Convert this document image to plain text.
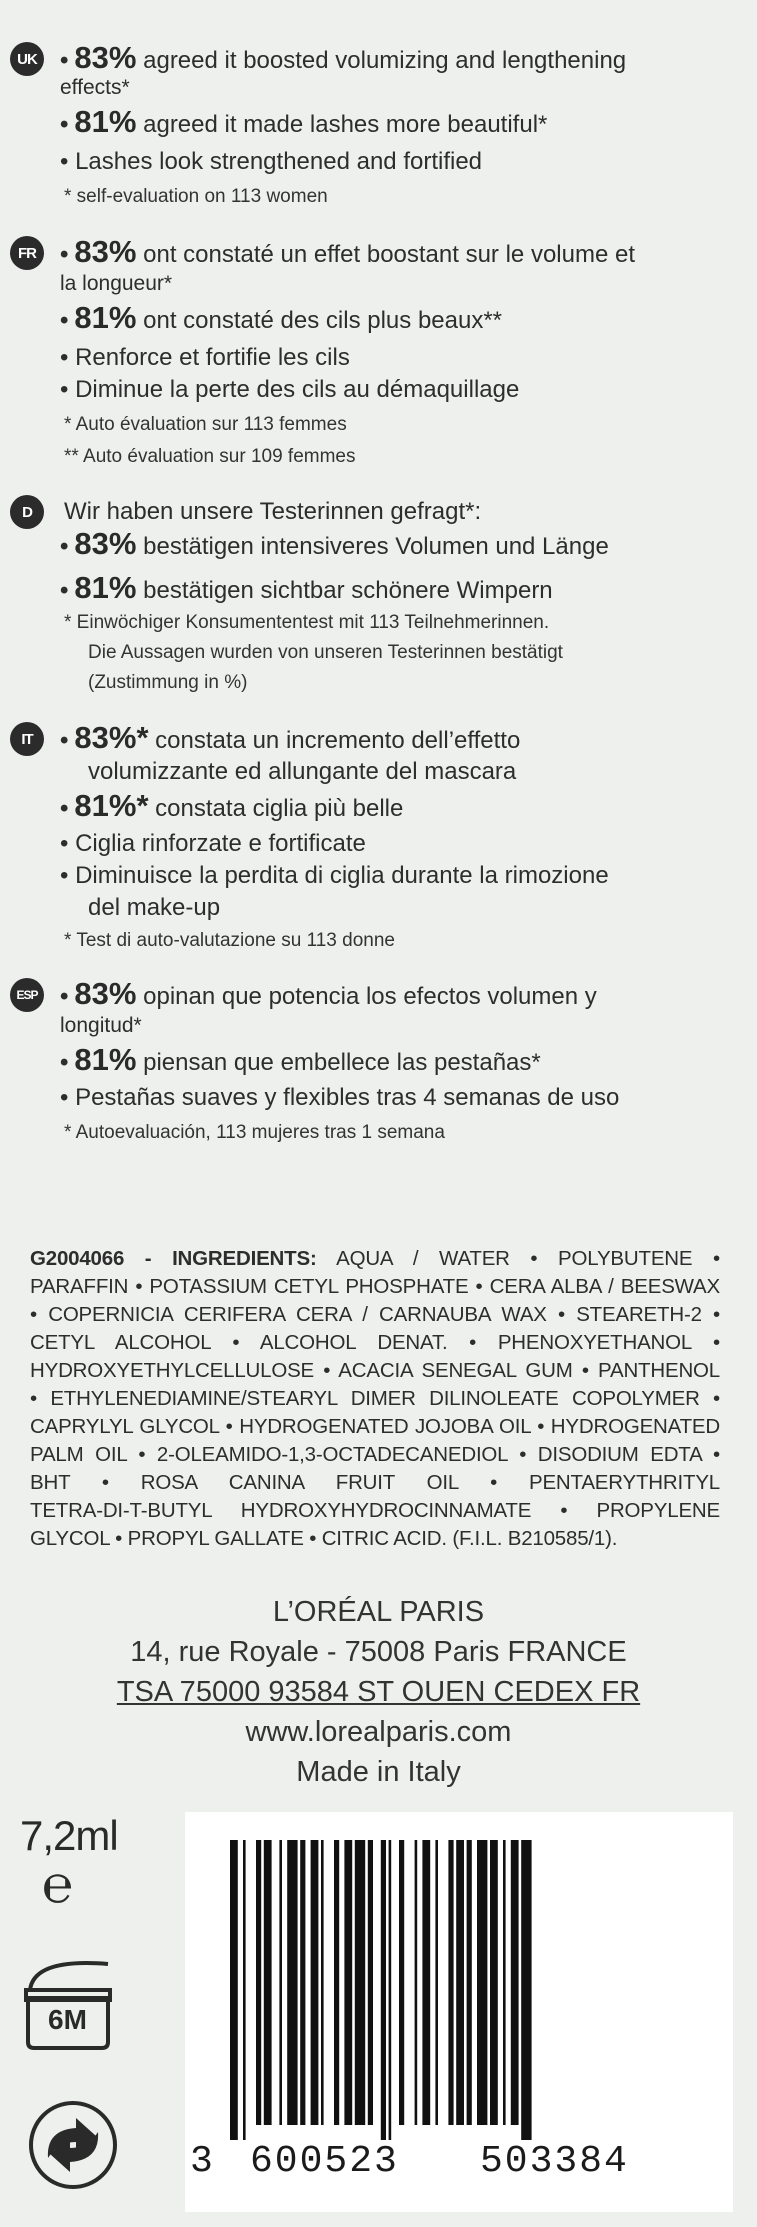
UK • 83% agreed it boosted volumizing and lengthening
effects*
• 81% agreed it made lashes more beautiful*
• Lashes look strengthened and fortified
* self-evaluation on 113 women
FR	• 83% ont constaté un effet boostant sur le volume et
la longueur*
• 81% ont constaté des cils plus beaux**
• Renforce et fortifie les cils
• Diminue la perte des cils au démaquillage
* Auto évaluation sur 113 femmes
** Auto évaluation sur 109 femmes
D	Wir haben unsere Testerinnen gefragt*:
• 83% bestätigen intensiveres Volumen und Länge
• 81% bestätigen sichtbar schönere Wimpern
* Einwöchiger Konsumententest mit 113 Teilnehmerinnen.
Die Aussagen wurden von unseren Testerinnen bestätigt
(Zustimmung in %)
IT	• 83%* constata un incremento dell’effetto
volumizzante ed allungante del mascara
• 81%* constata ciglia più belle
• Ciglia rinforzate e fortificate
• Diminuisce la perdita di ciglia durante la rimozione
del make-up
* Test di auto-valutazione su 113 donne
ESP • 83% opinan que potencia los efectos volumen y
longitud*
• 81% piensan que embellece las pestañas*
• Pestañas suaves y flexibles tras 4 semanas de uso
* Autoevaluación, 113 mujeres tras 1 semana
G2004066 - INGREDIENTS: AQUA / WATER • POLYBUTENE •
PARAFFIN • POTASSIUM CETYL PHOSPHATE • CERA ALBA / BEESWAX
• COPERNICIA CERIFERA CERA / CARNAUBA WAX • STEARETH-2 •
CETYL ALCOHOL • ALCOHOL DENAT. • PHENOXYETHANOL •
HYDROXYETHYLCELLULOSE • ACACIA SENEGAL GUM • PANTHENOL
• ETHYLENEDIAMINE/STEARYL DIMER DILINOLEATE COPOLYMER •
CAPRYLYL GLYCOL • HYDROGENATED JOJOBA OIL • HYDROGENATED
PALM OIL • 2-OLEAMIDO-1,3-OCTADECANEDIOL • DISODIUM EDTA •
BHT • ROSA CANINA FRUIT OIL • PENTAERYTHRITYL
TETRA-DI-T-BUTYL HYDROXYHYDROCINNAMATE • PROPYLENE
GLYCOL • PROPYL GALLATE • CITRIC ACID. (F.I.L. B210585/1).
L’ORÉAL PARIS
14, rue Royale - 75008 Paris FRANCE
TSA 75000 93584 ST OUEN CEDEX FR
www.lorealparis.com
Made in Italy
7,2ml
℮
6M
3 600523 503384
